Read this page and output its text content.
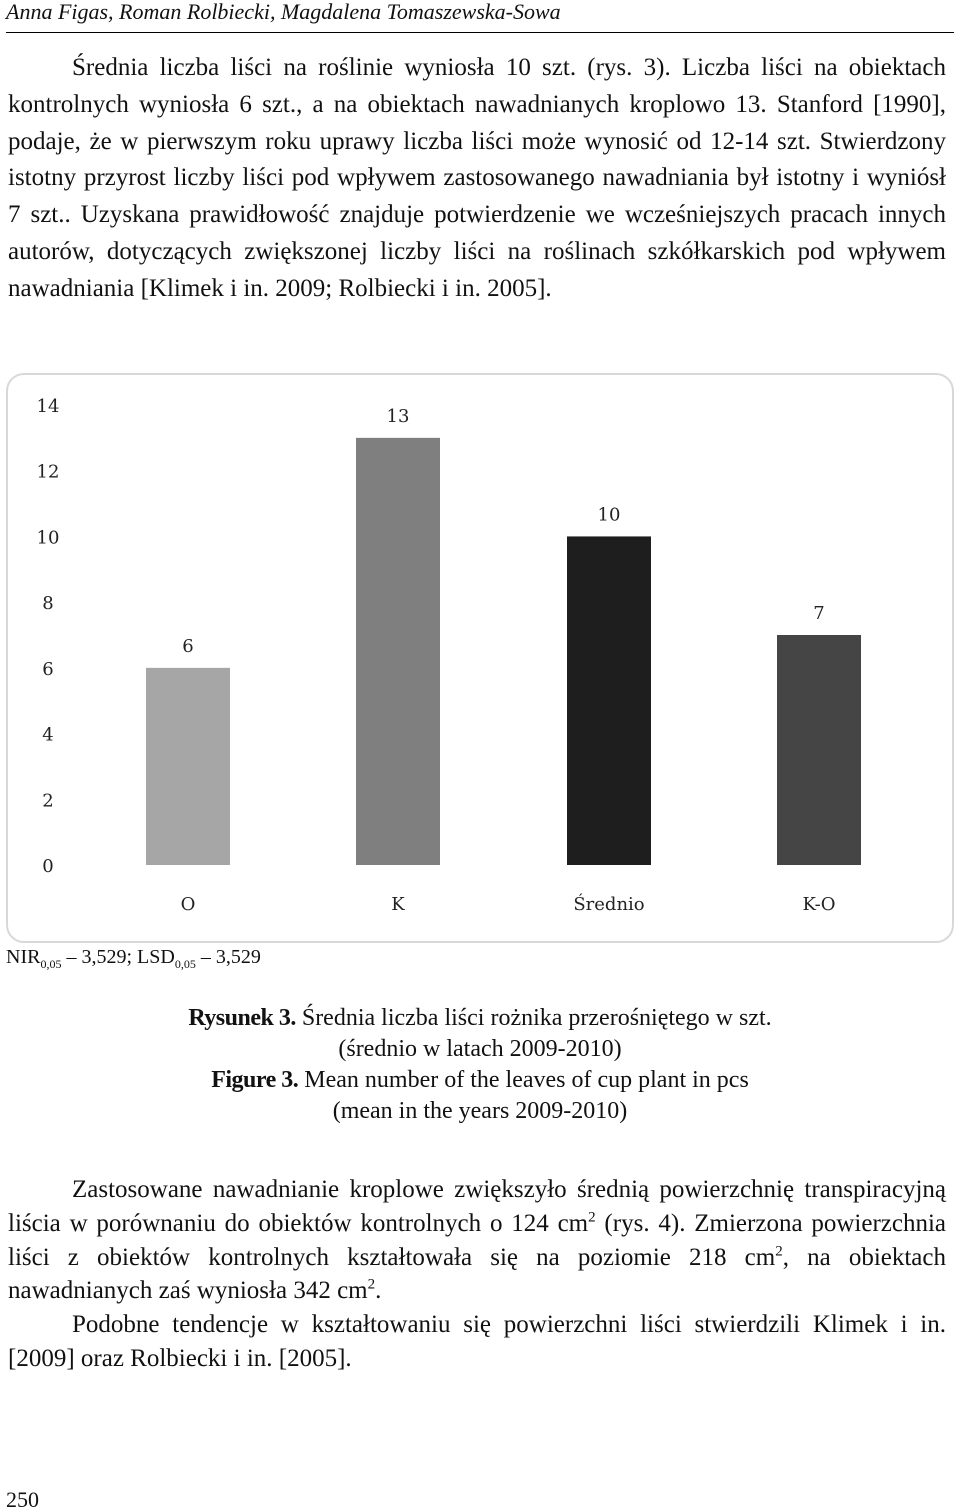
Anna Figas, Roman Rolbiecki, Magdalena Tomaszewska-Sowa

Średnia liczba liści na roślinie wyniosła 10 szt. (rys. 3). Liczba liści na obiektach kontrolnych wyniosła 6 szt., a na obiektach nawadnianych kroplowo 13. Stanford [1990], podaje, że w pierwszym roku uprawy liczba liści może wynosić od 12-14 szt. Stwierdzony istotny przyrost liczby liści pod wpływem zastosowanego nawadniania był istotny i wyniósł 7 szt.. Uzyskana prawidłowość znajduje potwierdzenie we wcześniejszych pracach innych autorów, dotyczących zwiększonej liczby liści na roślinach szkółkarskich pod wpływem nawadniania [Klimek i in. 2009; Rolbiecki i in. 2005].

0
2
4
6
8
10
12
14
6
O
13
K
10
Średnio
7
K-O
$NIR_{0,05} - 3,529$; $LSD_{0,05} - 3,529$
Rysunek 3. Średnia liczba liści rożnika przerośniętego w szt.
(średnio w latach 2009-2010)
Figure 3. Mean number of the leaves of cup plant in pcs
(mean in the years 2009-2010)

Zastosowane nawadnianie kroplowe zwiększyło średnią powierzchnię transpiracyjną liścia w porównaniu do obiektów kontrolnych o 124 $cm^2$ (rys. 4). Zmierzona powierzchnia liści z obiektów kontrolnych kształtowała się na poziomie 218 $cm^2$, na obiektach nawadnianych zaś wyniosła 342 $cm^2$.

Podobne tendencje w kształtowaniu się powierzchni liści stwierdzili Klimek i in. [2009] oraz Rolbiecki i in. [2005].

250
